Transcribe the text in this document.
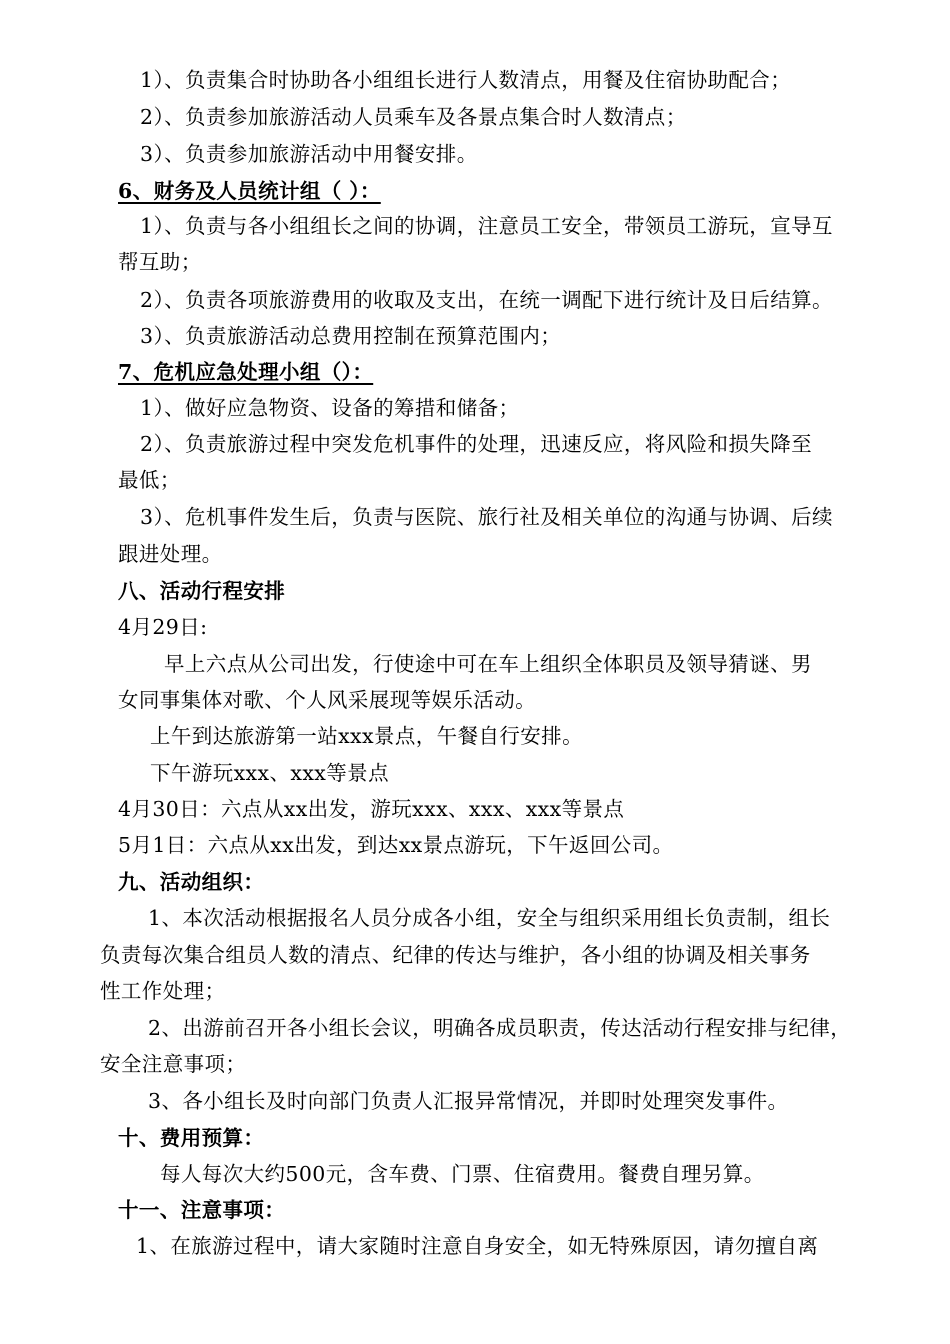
1）、负责集合时协助各小组组长进行人数清点，用餐及住宿协助配合；
2）、负责参加旅游活动人员乘车及各景点集合时人数清点；
3）、负责参加旅游活动中用餐安排。
6、财务及人员统计组（ ）：
1）、负责与各小组组长之间的协调，注意员工安全，带领员工游玩，宣导互
帮互助；
2）、负责各项旅游费用的收取及支出，在统一调配下进行统计及日后结算。
3）、负责旅游活动总费用控制在预算范围内；
7、危机应急处理小组（）：
1）、做好应急物资、设备的筹措和储备；
2）、负责旅游过程中突发危机事件的处理，迅速反应，将风险和损失降至
最低；
3）、危机事件发生后，负责与医院、旅行社及相关单位的沟通与协调、后续
跟进处理。
八、活动行程安排
4月29日:
早上六点从公司出发，行使途中可在车上组织全体职员及领导猜谜、男
女同事集体对歌、个人风采展现等娱乐活动。
上午到达旅游第一站xxx景点，午餐自行安排。
下午游玩xxx、xxx等景点
4月30日：六点从xx出发，游玩xxx、xxx、xxx等景点
5月1日：六点从xx出发，到达xx景点游玩，下午返回公司。
九、活动组织：
1、本次活动根据报名人员分成各小组，安全与组织采用组长负责制，组长
负责每次集合组员人数的清点、纪律的传达与维护，各小组的协调及相关事务
性工作处理；
2、出游前召开各小组长会议，明确各成员职责，传达活动行程安排与纪律，
安全注意事项；
3、各小组长及时向部门负责人汇报异常情况，并即时处理突发事件。
十、费用预算：
每人每次大约500元，含车费、门票、住宿费用。餐费自理另算。
十一、注意事项：
1、在旅游过程中，请大家随时注意自身安全，如无特殊原因，请勿擅自离
